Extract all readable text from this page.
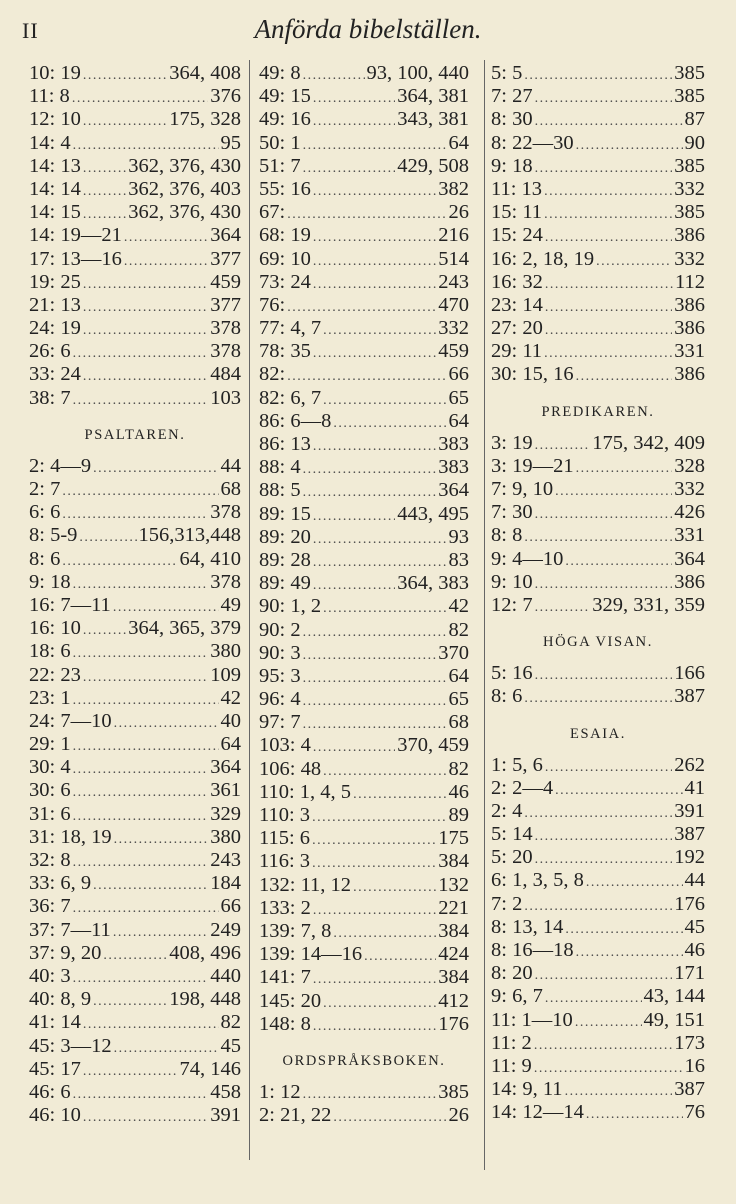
II	Anförda bibelställen.
10: 19 .....	364, 408
11: 8 .....	376
12: 10 .....	175, 328
14: 4 .....	95
14: 13 ..... 362, 376, 430
14: 14 ..... 362, 376, 403
14: 15 ..... 362, 376, 430
14: 19—21 .....	364
17: 13—16 .....	377
19: 25 .....	459
21: 13 .....	377
24: 19 .....	378
26: 6 .....	378
33: 24 .....	484
38: 7 .....	103
PSALTAREN.
2: 4—9 .....	44
2: 7 .....	68
6: 6 .....	378
8: 5-9 .....	156,313,448
8: 6 .....	64, 410
9: 18 .....	378
16: 7—11 .....	49
16: 10 ..... 364, 365, 379
18: 6 .....	380
22: 23 .....	109
23: 1 .....	42
24: 7—10 .....	40
29: 1 .....	64
30: 4 .....	364
30: 6 .....	361
31: 6 .....	329
31: 18, 19 .....	380
32: 8 .....	243
33: 6, 9 .....	184
36: 7 .....	66
37: 7—11 .....	249
37: 9, 20 .....	408, 496
40: 3 .....	440
40: 8, 9 .....	198, 448
41: 14 .....	82
45: 3—12 .....	45
45: 17 .....	74, 146
46: 6 .....	458
46: 10 .....	391
49: 8 .....	93, 100, 440
49: 15 .....	364, 381
49: 16 .....	343, 381
50: 1 .....	64
51: 7 .....	429, 508
55: 16 .....	382
67: .....	26
68: 19 .....	216
69: 10 .....	514
73: 24 .....	243
76: .....	470
77: 4, 7 .....	332
78: 35 .....	459
82: .....	66
82: 6, 7 .....	65
86: 6—8 .....	64
86: 13 .....	383
88: 4 .....	383
88: 5 .....	364
89: 15 .....	443, 495
89: 20 .....	93
89: 28 .....	83
89: 49 .....	364, 383
90: 1, 2 .....	42
90: 2 .....	82
90: 3 .....	370
95: 3 .....	64
96: 4 .....	65
97: 7 .....	68
103: 4 .....	370, 459
106: 48 .....	82
110: 1, 4, 5 .....	46
110: 3 .....	89
115: 6 .....	175
116: 3 .....	384
132: 11, 12 .....	132
133: 2 .....	221
139: 7, 8 .....	384
139: 14—16 .....	424
141: 7 .....	384
145: 20 .....	412
148: 8 .....	176
ORDSPRÅKSBOKEN.
1: 12 .....	385
2: 21, 22 .....	26
5: 5 .....	385
7: 27 .....	385
8: 30 .....	87
8: 22—30 .....	90
9: 18 .....	385
11: 13 .....	332
15: 11 .....	385
15: 24 .....	386
16: 2, 18, 19 .....	332
16: 32 .....	112
23: 14 .....	386
27: 20 .....	386
29: 11 .....	331
30: 15, 16 .....	386
PREDIKAREN.
3: 19 .....	175, 342, 409
3: 19—21 .....	328
7: 9, 10 .....	332
7: 30 .....	426
8: 8 .....	331
9: 4—10 .....	364
9: 10 .....	386
12: 7 .....	329, 331, 359
HÖGA VISAN.
5: 16 .....	166
8: 6 .....	387
ESAIA.
1: 5, 6 .....	262
2: 2—4 .....	41
2: 4 .....	391
5: 14 .....	387
5: 20 .....	192
6: 1, 3, 5, 8 .....	44
7: 2 .....	176
8: 13, 14 .....	45
8: 16—18 .....	46
8: 20 .....	171
9: 6, 7 .....	43, 144
11: 1—10 .....	49, 151
11: 2 .....	173
11: 9 .....	16
14: 9, 11 .....	387
14: 12—14 .....	76
